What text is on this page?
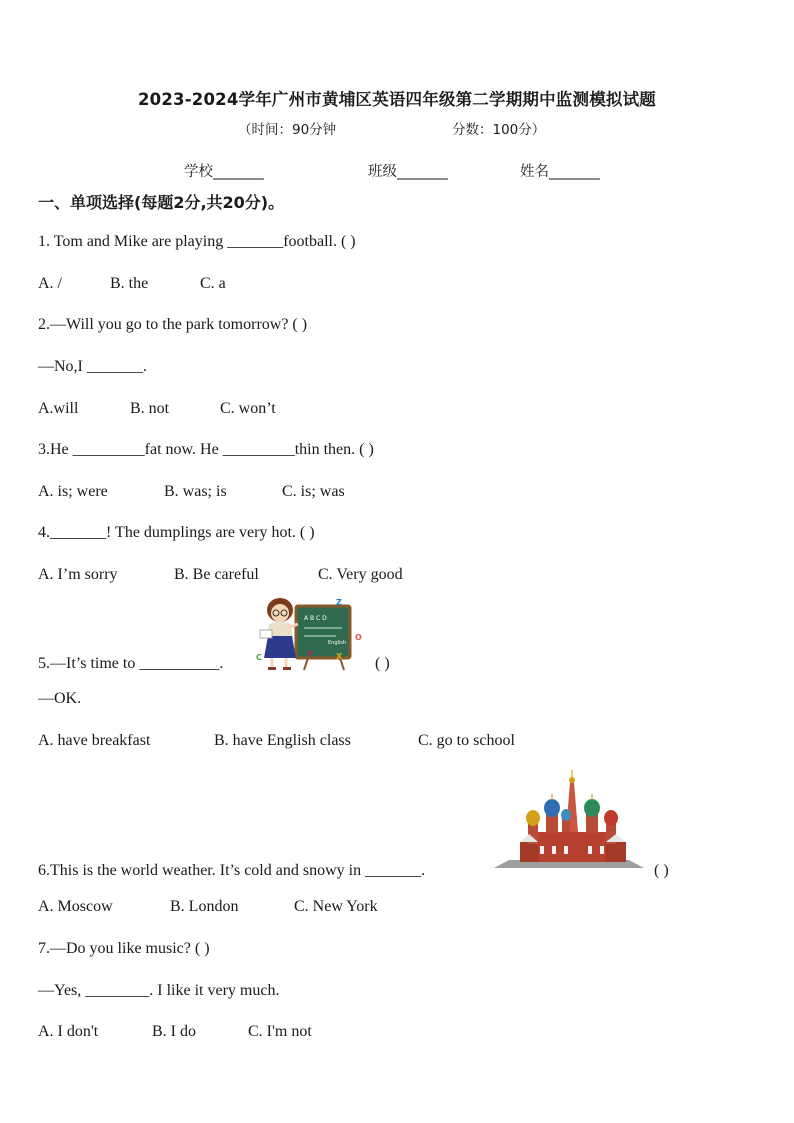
2023-2024学年广州市黄埔区英语四年级第二学期期中监测模拟试题
（时间：90分钟	分数：100分）
学校_______	班级_______	姓名_______
一、单项选择(每题2分,共20分)。
1. Tom and Mike are playing _______football. ( )
A. /	B. the	C. a
2.—Will you go to the park tomorrow? ( )
—No,I _______.
A.will	B. not	C. won’t
3.He _________fat now. He _________thin then. ( )
A. is; were	B. was; is	C. is; was
4._______! The dumplings are very hot. ( )
A. I’m sorry	B. Be careful	C. Very good
A B C D
English
Z
O
X
P
C
5.—It’s time to __________.	( )
—OK.
A. have breakfast	B. have English class	C. go to school
6.This is the world weather. It’s cold and snowy in _______.	( )
A. Moscow	B. London	C. New York
7.—Do you like music? ( )
—Yes, ________. I like it very much.
A. I don't	B. I do	C. I'm not
